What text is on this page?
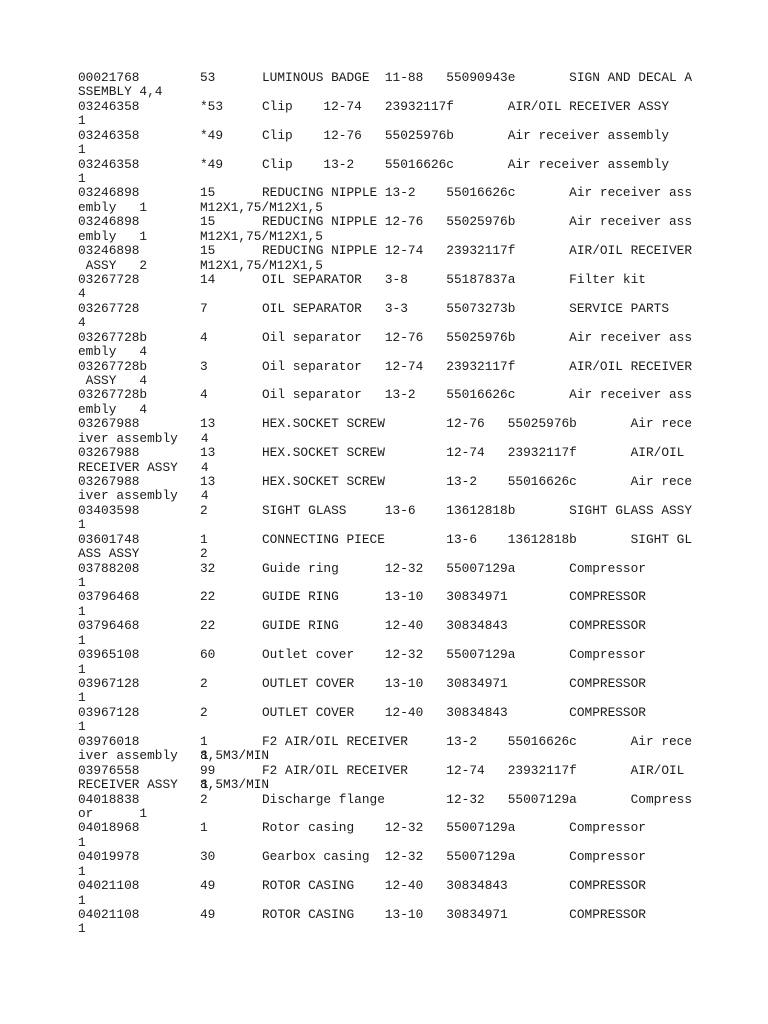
00021768	53	LUMINOUS BADGE  11-88   55090943e       SIGN AND DECAL A
SSEMBLY 4,4
03246358	*53	Clip    12-74   23932117f       AIR/OIL RECEIVER ASSY
1
03246358	*49	Clip    12-76   55025976b       Air receiver assembly
1
03246358	*49	Clip    13-2    55016626c       Air receiver assembly
1
03246898	15	REDUCING NIPPLE 13-2    55016626c       Air receiver ass
embly   1	M12X1,75/M12X1,5
03246898	15	REDUCING NIPPLE 12-76   55025976b       Air receiver ass
embly   1	M12X1,75/M12X1,5
03246898	15	REDUCING NIPPLE 12-74   23932117f       AIR/OIL RECEIVER
ASSY   2	M12X1,75/M12X1,5
03267728	14	OIL SEPARATOR   3-8     55187837a       Filter kit
4
03267728	7	OIL SEPARATOR   3-3     55073273b       SERVICE PARTS
4
03267728b	4	Oil separator   12-76   55025976b       Air receiver ass
embly   4
03267728b	3	Oil separator   12-74   23932117f       AIR/OIL RECEIVER
ASSY   4
03267728b	4	Oil separator   13-2    55016626c       Air receiver ass
embly   4
03267988	13	HEX.SOCKET SCREW        12-76   55025976b       Air rece
iver assembly   4
03267988	13	HEX.SOCKET SCREW        12-74   23932117f       AIR/OIL
RECEIVER ASSY   4
03267988	13	HEX.SOCKET SCREW        13-2    55016626c       Air rece
iver assembly   4
03403598	2	SIGHT GLASS     13-6    13612818b       SIGHT GLASS ASSY
1
03601748	1	CONNECTING PIECE        13-6    13612818b       SIGHT GL
ASS ASSY	2
03788208	32	Guide ring      12-32   55007129a       Compressor
1
03796468	22	GUIDE RING      13-10   30834971        COMPRESSOR
1
03796468	22	GUIDE RING      12-40   30834843        COMPRESSOR
1
03965108	60	Outlet cover    12-32   55007129a       Compressor
1
03967128	2	OUTLET COVER    13-10   30834971        COMPRESSOR
1
03967128	2	OUTLET COVER    12-40   30834843        COMPRESSOR
1
03976018	1	F2 AIR/OIL RECEIVER     13-2    55016626c       Air rece
iver assembly   1
8,5M3/MIN
03976558	99	F2 AIR/OIL RECEIVER     12-74   23932117f       AIR/OIL
RECEIVER ASSY   1
8,5M3/MIN
04018838	2	Discharge flange        12-32   55007129a       Compress
or      1
04018968	1	Rotor casing    12-32   55007129a       Compressor
1
04019978	30	Gearbox casing  12-32   55007129a       Compressor
1
04021108	49	ROTOR CASING    12-40   30834843        COMPRESSOR
1
04021108	49	ROTOR CASING    13-10   30834971        COMPRESSOR
1
